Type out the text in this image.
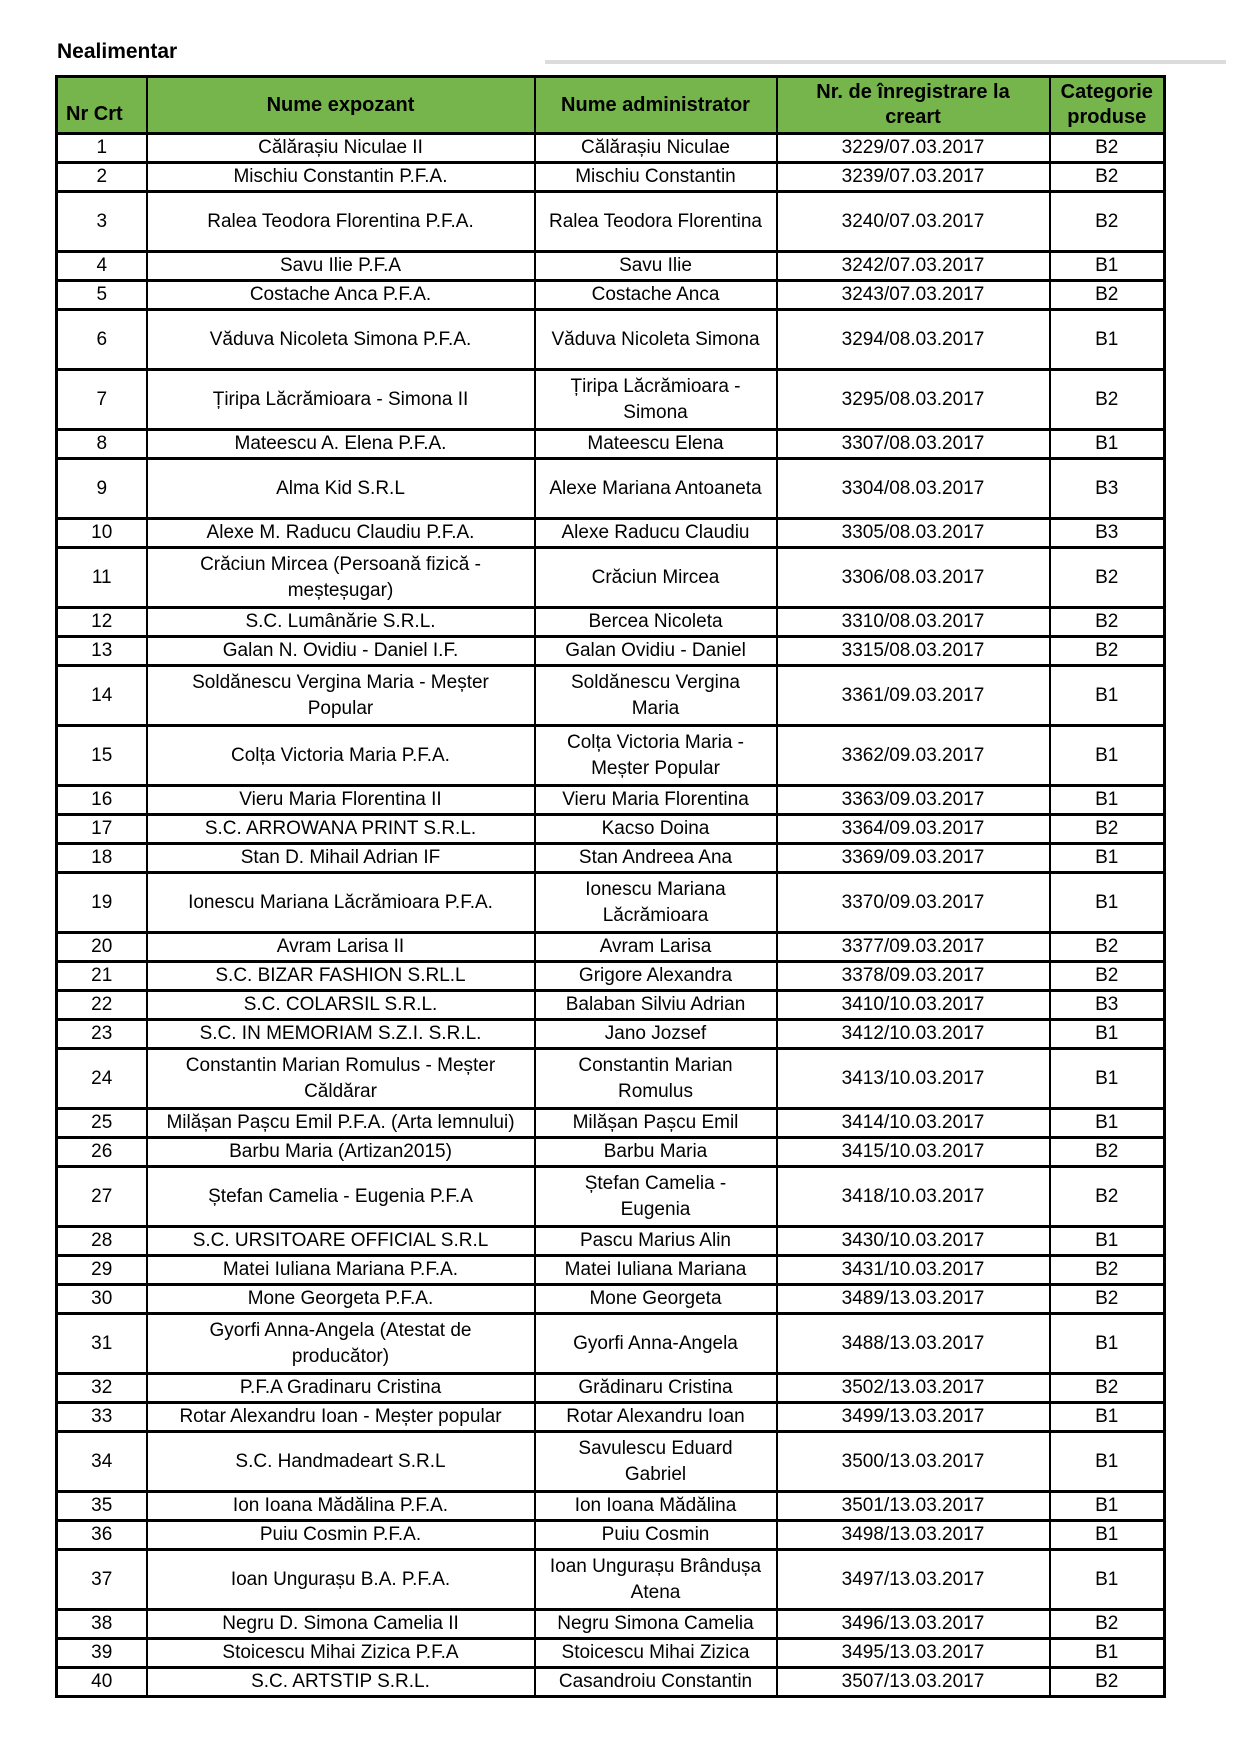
Nealimentar
Nr Crt	Nume expozant	Nume administrator	Nr. de înregistrare la creart	Categorie produse
1	Călărașiu Niculae II	Călărașiu Niculae	3229/07.03.2017	B2
2	Mischiu Constantin P.F.A.	Mischiu Constantin	3239/07.03.2017	B2
3	Ralea Teodora Florentina P.F.A.	Ralea Teodora Florentina	3240/07.03.2017	B2
4	Savu Ilie P.F.A	Savu Ilie	3242/07.03.2017	B1
5	Costache Anca P.F.A.	Costache Anca	3243/07.03.2017	B2
6	Văduva Nicoleta Simona P.F.A.	Văduva Nicoleta Simona	3294/08.03.2017	B1
7	Țiripa Lăcrămioara - Simona II	Țiripa Lăcrămioara - Simona	3295/08.03.2017	B2
8	Mateescu A. Elena P.F.A.	Mateescu Elena	3307/08.03.2017	B1
9	Alma Kid S.R.L	Alexe Mariana Antoaneta	3304/08.03.2017	B3
10	Alexe M. Raducu Claudiu P.F.A.	Alexe Raducu Claudiu	3305/08.03.2017	B3
11	Crăciun Mircea (Persoană fizică - meșteșugar)	Crăciun Mircea	3306/08.03.2017	B2
12	S.C. Lumânărie S.R.L.	Bercea Nicoleta	3310/08.03.2017	B2
13	Galan N. Ovidiu - Daniel I.F.	Galan Ovidiu - Daniel	3315/08.03.2017	B2
14	Soldănescu Vergina Maria - Meșter Popular	Soldănescu Vergina Maria	3361/09.03.2017	B1
15	Colța Victoria Maria P.F.A.	Colța Victoria Maria - Meșter Popular	3362/09.03.2017	B1
16	Vieru Maria Florentina II	Vieru Maria Florentina	3363/09.03.2017	B1
17	S.C. ARROWANA PRINT S.R.L.	Kacso Doina	3364/09.03.2017	B2
18	Stan D. Mihail Adrian IF	Stan Andreea Ana	3369/09.03.2017	B1
19	Ionescu Mariana Lăcrămioara P.F.A.	Ionescu Mariana Lăcrămioara	3370/09.03.2017	B1
20	Avram Larisa II	Avram Larisa	3377/09.03.2017	B2
21	S.C. BIZAR FASHION S.RL.L	Grigore Alexandra	3378/09.03.2017	B2
22	S.C. COLARSIL S.R.L.	Balaban Silviu Adrian	3410/10.03.2017	B3
23	S.C. IN MEMORIAM S.Z.I. S.R.L.	Jano Jozsef	3412/10.03.2017	B1
24	Constantin Marian Romulus - Meșter Căldărar	Constantin Marian Romulus	3413/10.03.2017	B1
25	Milășan Pașcu Emil P.F.A. (Arta lemnului)	Milășan Pașcu Emil	3414/10.03.2017	B1
26	Barbu Maria (Artizan2015)	Barbu Maria	3415/10.03.2017	B2
27	Ștefan Camelia - Eugenia P.F.A	Ștefan Camelia - Eugenia	3418/10.03.2017	B2
28	S.C. URSITOARE OFFICIAL S.R.L	Pascu Marius Alin	3430/10.03.2017	B1
29	Matei Iuliana Mariana P.F.A.	Matei Iuliana Mariana	3431/10.03.2017	B2
30	Mone Georgeta P.F.A.	Mone Georgeta	3489/13.03.2017	B2
31	Gyorfi Anna-Angela (Atestat de producător)	Gyorfi Anna-Angela	3488/13.03.2017	B1
32	P.F.A Gradinaru Cristina	Grădinaru Cristina	3502/13.03.2017	B2
33	Rotar Alexandru Ioan - Meșter popular	Rotar Alexandru Ioan	3499/13.03.2017	B1
34	S.C. Handmadeart S.R.L	Savulescu Eduard Gabriel	3500/13.03.2017	B1
35	Ion Ioana Mădălina P.F.A.	Ion Ioana Mădălina	3501/13.03.2017	B1
36	Puiu Cosmin P.F.A.	Puiu Cosmin	3498/13.03.2017	B1
37	Ioan Ungurașu B.A. P.F.A.	Ioan Ungurașu Brândușa Atena	3497/13.03.2017	B1
38	Negru D. Simona Camelia II	Negru Simona Camelia	3496/13.03.2017	B2
39	Stoicescu Mihai Zizica P.F.A	Stoicescu Mihai Zizica	3495/13.03.2017	B1
40	S.C. ARTSTIP S.R.L.	Casandroiu Constantin	3507/13.03.2017	B2
